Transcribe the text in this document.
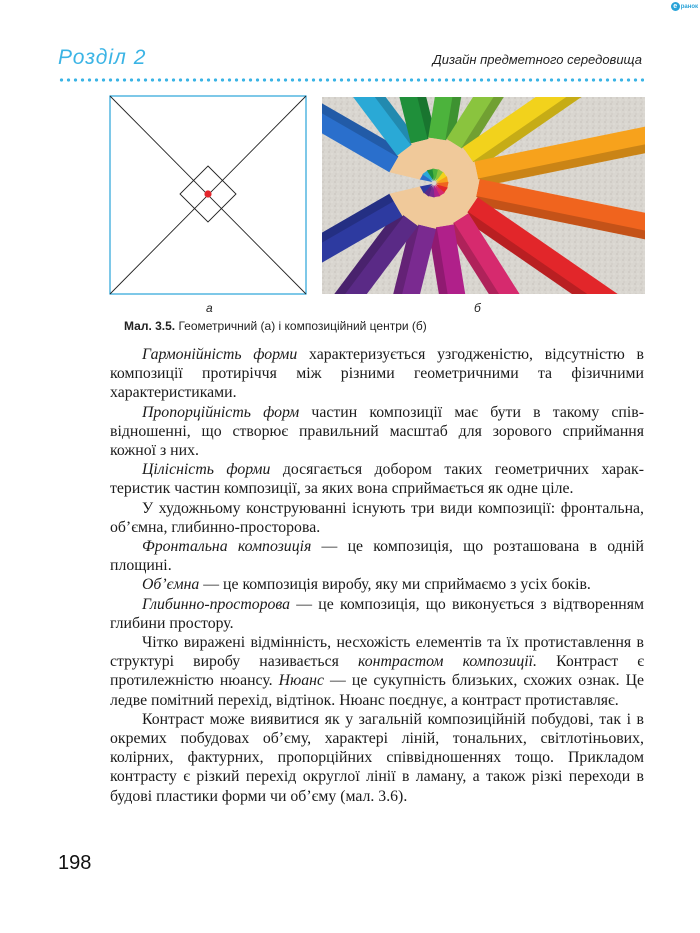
e ранок
Розділ 2	Дизайн предметного середовища
а	б
Мал. 3.5. Геометричний (а) і композиційний центри (б)

Гармонійність форми характеризується узгодженістю, відсутністю в композиції протиріччя між різними геометричними та фізичними характеристиками.

Пропорційність форм частин композиції має бути в такому співвідношенні, що створює правильний масштаб для зорового сприймання кожної з них.

Цілісність форми досягається добором таких геометричних характеристик частин композиції, за яких вона сприймається як одне ціле.

У художньому конструюванні існують три види композиції: фронтальна, об’ємна, глибинно-просторова.

Фронтальна композиція — це композиція, що розташована в одній площині.

Об’ємна — це композиція виробу, яку ми сприймаємо з усіх боків.

Глибинно-просторова — це композиція, що виконується з відтворенням глибини простору.

Чітко виражені відмінність, несхожість елементів та їх протиставлення в структурі виробу називається контрастом композиції. Контраст є протилежністю нюансу. Нюанс — це сукупність близьких, схожих ознак. Це ледве помітний перехід, відтінок. Нюанс поєднує, а контраст протиставляє.

Контраст може виявитися як у загальній композиційній побудові, так і в окремих побудовах об’єму, характері ліній, тональних, світлотіньових, колірних, фактурних, пропорційних співвідношеннях тощо. Прикладом контрасту є різкий перехід округлої лінії в ламану, а також різкі переходи в будові пластики форми чи об’єму (мал. 3.6).

198
